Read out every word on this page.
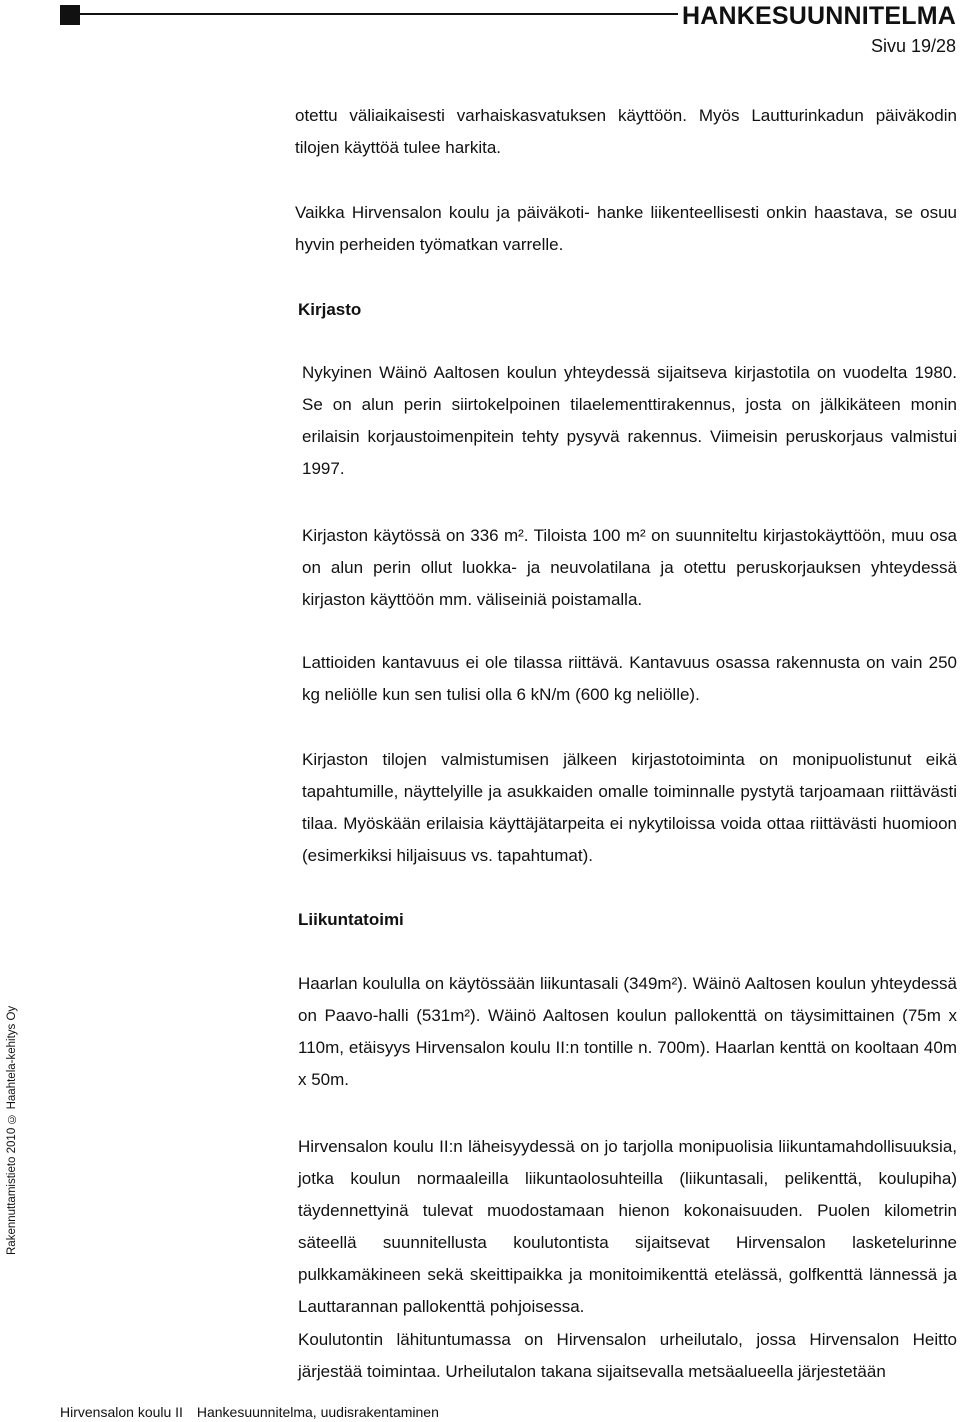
HANKESUUNNITELMA
Sivu 19/28
Rakennuttamistieto 2010 © Haahtela-kehitys Oy

otettu väliaikaisesti varhaiskasvatuksen käyttöön. Myös Lautturinkadun päiväkodin tilojen käyttöä tulee harkita.

Vaikka Hirvensalon koulu ja päiväkoti- hanke liikenteellisesti onkin haastava, se osuu hyvin perheiden työmatkan varrelle.

Kirjasto

Nykyinen Wäinö Aaltosen koulun yhteydessä sijaitseva kirjastotila on vuodelta 1980. Se on alun perin siirtokelpoinen tilaelementtirakennus, josta on jälkikäteen monin erilaisin korjaustoimenpitein tehty pysyvä rakennus. Viimeisin peruskorjaus valmistui 1997.

Kirjaston käytössä on 336 m². Tiloista 100 m² on suunniteltu kirjastokäyttöön, muu osa on alun perin ollut luokka- ja neuvolatilana ja otettu peruskorjauksen yhteydessä kirjaston käyttöön mm. väliseiniä poistamalla.

Lattioiden kantavuus ei ole tilassa riittävä. Kantavuus osassa rakennusta on vain 250 kg neliölle kun sen tulisi olla 6 kN/m (600 kg neliölle).

Kirjaston tilojen valmistumisen jälkeen kirjastotoiminta on monipuolistunut eikä tapahtumille, näyttelyille ja asukkaiden omalle toiminnalle pystytä tarjoamaan riittävästi tilaa. Myöskään erilaisia käyttäjätarpeita ei nykytiloissa voida ottaa riittävästi huomioon (esimerkiksi hiljaisuus vs. tapahtumat).

Liikuntatoimi

Haarlan koululla on käytössään liikuntasali (349m²). Wäinö Aaltosen koulun yhteydessä on Paavo-halli (531m²). Wäinö Aaltosen koulun pallokenttä on täysimittainen (75m x 110m, etäisyys Hirvensalon koulu II:n tontille n. 700m). Haarlan kenttä on kooltaan 40m x 50m.

Hirvensalon koulu II:n läheisyydessä on jo tarjolla monipuolisia liikuntamahdollisuuksia, jotka koulun normaaleilla liikuntaolosuhteilla (liikuntasali, pelikenttä, koulupiha) täydennettyinä tulevat muodostamaan hienon kokonaisuuden. Puolen kilometrin säteellä suunnitellusta koulutontista sijaitsevat Hirvensalon lasketelurinne pulkkamäkineen sekä skeittipaikka ja monitoimikenttä etelässä, golfkenttä lännessä ja Lauttarannan pallokenttä pohjoisessa.

Koulutontin lähituntumassa on Hirvensalon urheilutalo, jossa Hirvensalon Heitto järjestää toimintaa. Urheilutalon takana sijaitsevalla metsäalueella järjestetään

Hirvensalon koulu II Hankesuunnitelma, uudisrakentaminen
